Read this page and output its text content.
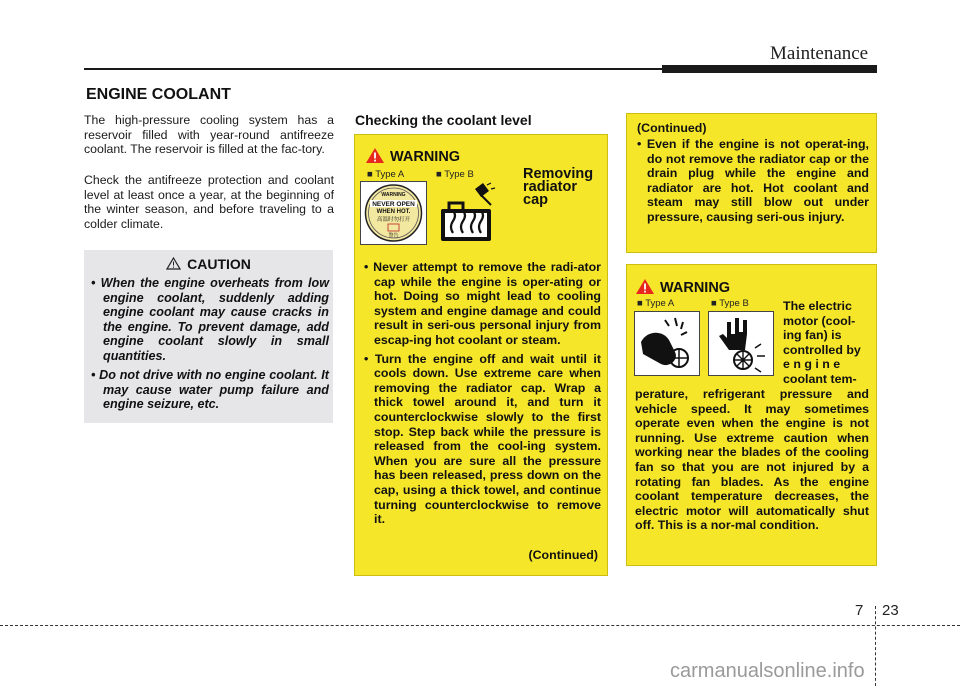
Maintenance
ENGINE COOLANT
The high-pressure cooling system has a reservoir filled with year-round antifreeze coolant. The reservoir is filled at the fac-tory.
Check the antifreeze protection and coolant level at least once a year, at the beginning of the winter season, and before traveling to a colder climate.
CAUTION
• When the engine overheats from low engine coolant, suddenly adding engine coolant may cause cracks in the engine. To prevent damage, add engine coolant slowly in small quantities.
• Do not drive with no engine coolant. It may cause water pump failure and engine seizure, etc.
Checking the coolant level
WARNING
■ Type A	■ Type B
WARNING
NEVER OPEN
WHEN HOT.
高溫时勿打开
警告
Removing radiator cap
• Never attempt to remove the radi-ator cap while the engine is oper-ating or hot. Doing so might lead to cooling system and engine damage and could result in seri-ous personal injury from escap-ing hot coolant or steam.
• Turn the engine off and wait until it cools down. Use extreme care when removing the radiator cap. Wrap a thick towel around it, and turn it counterclockwise slowly to the first stop. Step back while the pressure is released from the cool-ing system. When you are sure all the pressure has been released, press down on the cap, using a thick towel, and continue turning counterclockwise to remove it.
(Continued)
(Continued)
• Even if the engine is not operat-ing, do not remove the radiator cap or the drain plug while the engine and radiator are hot. Hot coolant and steam may still blow out under pressure, causing seri-ous injury.
WARNING
■ Type A	■ Type B	The electric
motor (cool-
ing fan) is
controlled by
e n g i n e
coolant tem-
perature, refrigerant pressure and vehicle speed. It may sometimes operate even when the engine is not running. Use extreme caution when working near the blades of the cooling fan so that you are not injured by a rotating fan blades. As the engine coolant temperature decreases, the electric motor will automatically shut off. This is a nor-mal condition.
7 23
carmanualsonline.info
